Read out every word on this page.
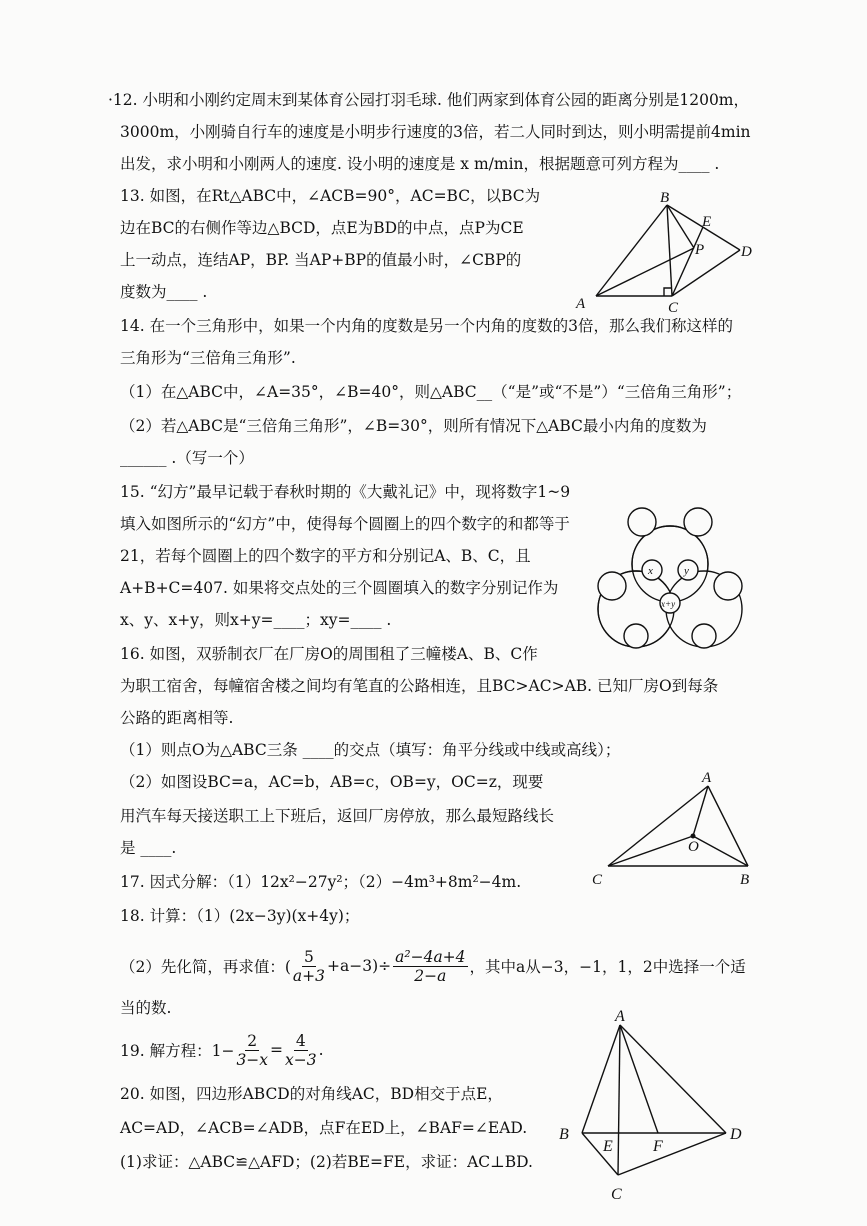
·12. 小明和小刚约定周末到某体育公园打羽毛球. 他们两家到体育公园的距离分别是1200m，
3000m，小刚骑自行车的速度是小明步行速度的3倍，若二人同时到达，则小明需提前4min
出发，求小明和小刚两人的速度. 设小明的速度是 x m/min，根据题意可列方程为____ .
13. 如图，在Rt△ABC中，∠ACB=90°，AC=BC，以BC为
边在BC的右侧作等边△BCD，点E为BD的中点，点P为CE
上一动点，连结AP，BP. 当AP+BP的值最小时，∠CBP的
度数为____ .
B
E
P D
A	C
14. 在一个三角形中，如果一个内角的度数是另一个内角的度数的3倍，那么我们称这样的
三角形为“三倍角三角形”.
（1）在△ABC中，∠A=35°，∠B=40°，则△ABC__（“是”或“不是”）“三倍角三角形”；
（2）若△ABC是“三倍角三角形”，∠B=30°，则所有情况下△ABC最小内角的度数为
______ .（写一个）
15. “幻方”最早记载于春秋时期的《大戴礼记》中，现将数字1~9
填入如图所示的“幻方”中，使得每个圆圈上的四个数字的和都等于
21，若每个圆圈上的四个数字的平方和分别记A、B、C，且
A+B+C=407. 如果将交点处的三个圆圈填入的数字分别记作为
x、y、x+y，则x+y=____；xy=____ .
x	y
x+y
16. 如图，双骄制衣厂在厂房O的周围租了三幢楼A、B、C作
为职工宿舍，每幢宿舍楼之间均有笔直的公路相连，且BC>AC>AB. 已知厂房O到每条
公路的距离相等.
（1）则点O为△ABC三条 ____的交点（填写：角平分线或中线或高线）；
（2）如图设BC=a，AC=b，AB=c，OB=y，OC=z，现要
用汽车每天接送职工上下班后，返回厂房停放，那么最短路线长
是 ____.
A
O
C	B
17. 因式分解：（1）12x²−27y²；（2）−4m³+8m²−4m.
18. 计算：（1）(2x−3y)(x+4y)；
（2）先化简，再求值：( $\frac{5}{a+3} +a-3)\div \frac{\text{a²−4a+4}}{2-a}$ ，其中a从−3，−1，1，2中选择一个适
当的数.
19. 解方程：$1- \frac{2}{3-x} = \frac{4}{x-3}$ .
20. 如图，四边形ABCD的对角线AC，BD相交于点E，
AC=AD，∠ACB=∠ADB，点F在ED上，∠BAF=∠EAD.
(1)求证：△ABC≌△AFD；(2)若BE=FE，求证：AC⊥BD.
A
B
E	F
D
C
